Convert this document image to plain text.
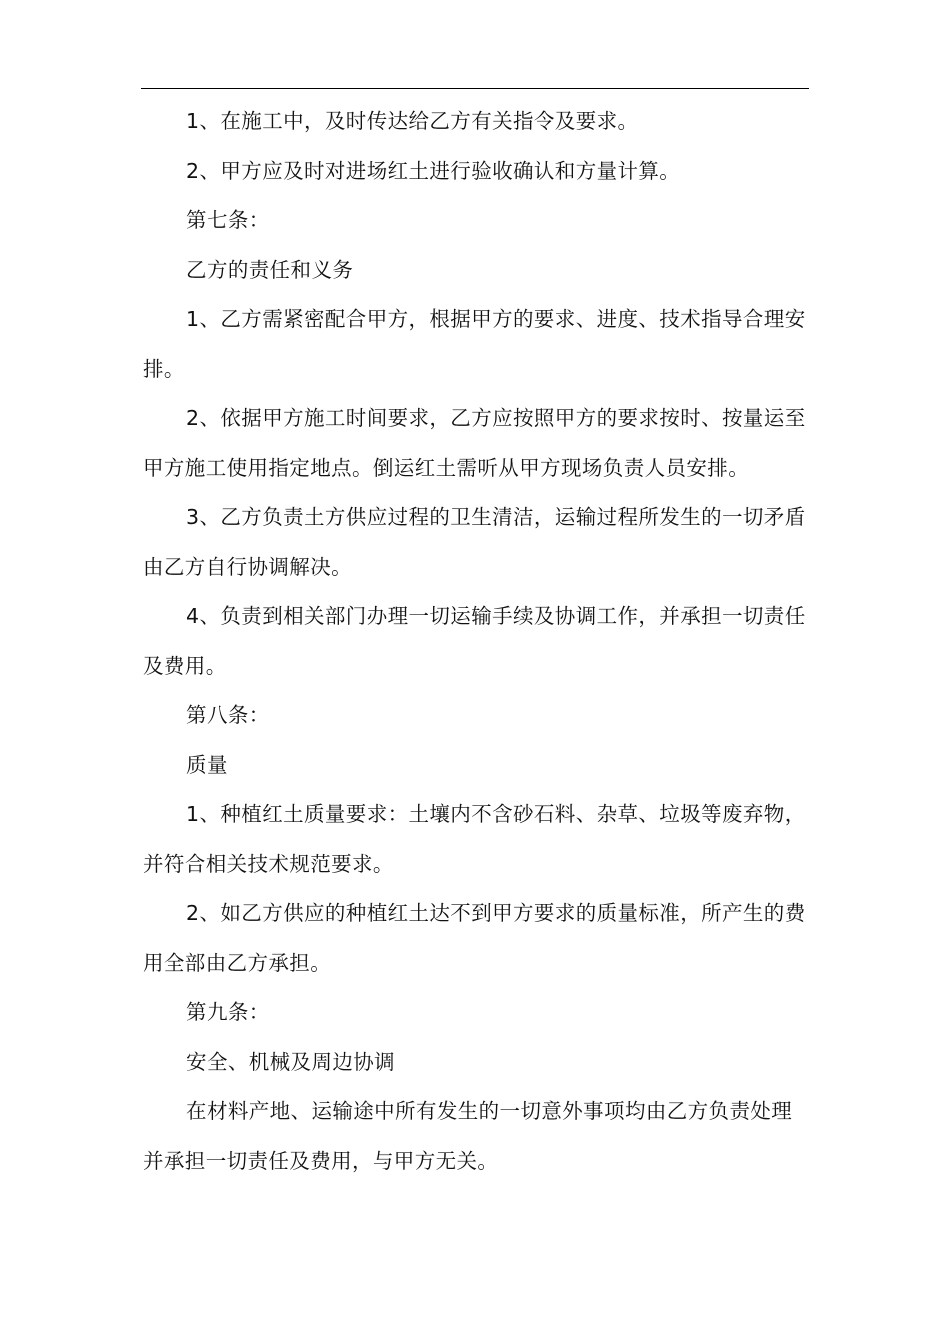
1、在施工中，及时传达给乙方有关指令及要求。

2、甲方应及时对进场红土进行验收确认和方量计算。

第七条：

乙方的责任和义务

1、乙方需紧密配合甲方，根据甲方的要求、进度、技术指导合理安排。

2、依据甲方施工时间要求，乙方应按照甲方的要求按时、按量运至甲方施工使用指定地点。倒运红土需听从甲方现场负责人员安排。

3、乙方负责土方供应过程的卫生清洁，运输过程所发生的一切矛盾由乙方自行协调解决。

4、负责到相关部门办理一切运输手续及协调工作，并承担一切责任及费用。

第八条：

质量

1、种植红土质量要求：土壤内不含砂石料、杂草、垃圾等废弃物，并符合相关技术规范要求。

2、如乙方供应的种植红土达不到甲方要求的质量标准，所产生的费用全部由乙方承担。

第九条：

安全、机械及周边协调

在材料产地、运输途中所有发生的一切意外事项均由乙方负责处理并承担一切责任及费用，与甲方无关。
